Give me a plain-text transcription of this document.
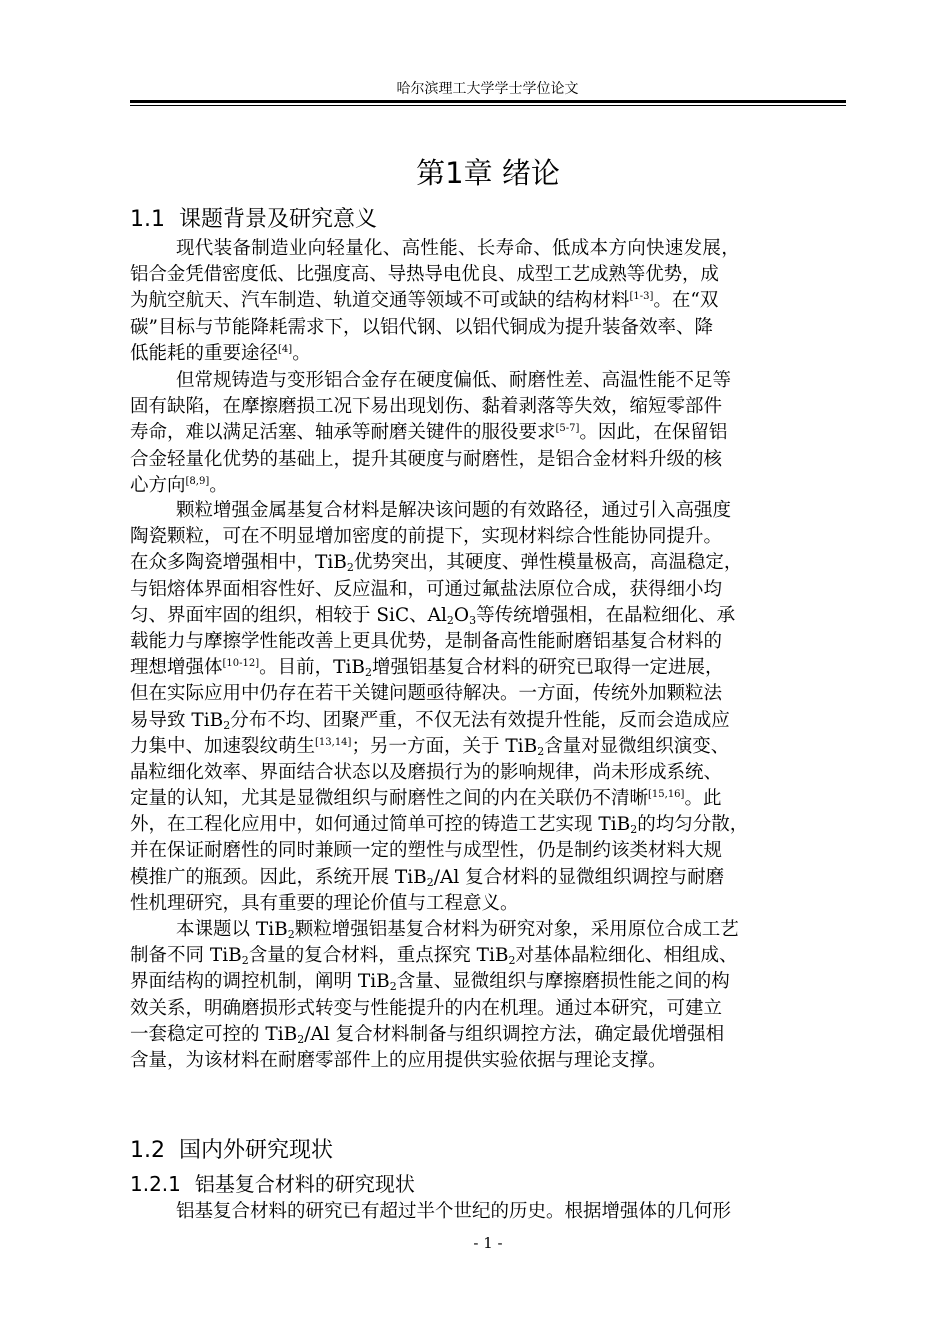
哈尔滨理工大学学士学位论文
第1章 绪论
1.1 课题背景及研究意义
现代装备制造业向轻量化、高性能、长寿命、低成本方向快速发展，
铝合金凭借密度低、比强度高、导热导电优良、成型工艺成熟等优势，成
为航空航天、汽车制造、轨道交通等领域不可或缺的结构材料[1-3]。在“双
碳”目标与节能降耗需求下，以铝代钢、以铝代铜成为提升装备效率、降
低能耗的重要途径[4]。
但常规铸造与变形铝合金存在硬度偏低、耐磨性差、高温性能不足等
固有缺陷，在摩擦磨损工况下易出现划伤、黏着剥落等失效，缩短零部件
寿命，难以满足活塞、轴承等耐磨关键件的服役要求[5-7]。因此，在保留铝
合金轻量化优势的基础上，提升其硬度与耐磨性，是铝合金材料升级的核
心方向[8,9]。
颗粒增强金属基复合材料是解决该问题的有效路径，通过引入高强度
陶瓷颗粒，可在不明显增加密度的前提下，实现材料综合性能协同提升。
在众多陶瓷增强相中，TiB$_2$优势突出，其硬度、弹性模量极高，高温稳定，
与铝熔体界面相容性好、反应温和，可通过氟盐法原位合成，获得细小均
匀、界面牢固的组织，相较于 SiC、$Al_2O_3$等传统增强相，在晶粒细化、承
载能力与摩擦学性能改善上更具优势，是制备高性能耐磨铝基复合材料的
理想增强体[10-12]。目前，TiB$_2$增强铝基复合材料的研究已取得一定进展，
但在实际应用中仍存在若干关键问题亟待解决。一方面，传统外加颗粒法
易导致 TiB$_2$分布不均、团聚严重，不仅无法有效提升性能，反而会造成应
力集中、加速裂纹萌生[13,14]；另一方面，关于 TiB$_2$含量对显微组织演变、
晶粒细化效率、界面结合状态以及磨损行为的影响规律，尚未形成系统、
定量的认知，尤其是显微组织与耐磨性之间的内在关联仍不清晰[15,16]。此
外，在工程化应用中，如何通过简单可控的铸造工艺实现 TiB$_2$的均匀分散，
并在保证耐磨性的同时兼顾一定的塑性与成型性，仍是制约该类材料大规
模推广的瓶颈。因此，系统开展 TiB$_2$/Al 复合材料的显微组织调控与耐磨
性机理研究，具有重要的理论价值与工程意义。
本课题以 TiB$_2$颗粒增强铝基复合材料为研究对象，采用原位合成工艺
制备不同 TiB$_2$含量的复合材料，重点探究 TiB$_2$对基体晶粒细化、相组成、
界面结构的调控机制，阐明 TiB$_2$含量、显微组织与摩擦磨损性能之间的构
效关系，明确磨损形式转变与性能提升的内在机理。通过本研究，可建立
一套稳定可控的 TiB$_2$/Al 复合材料制备与组织调控方法，确定最优增强相
含量，为该材料在耐磨零部件上的应用提供实验依据与理论支撑。
1.2 国内外研究现状
1.2.1 铝基复合材料的研究现状
铝基复合材料的研究已有超过半个世纪的历史。根据增强体的几何形
- 1 -
